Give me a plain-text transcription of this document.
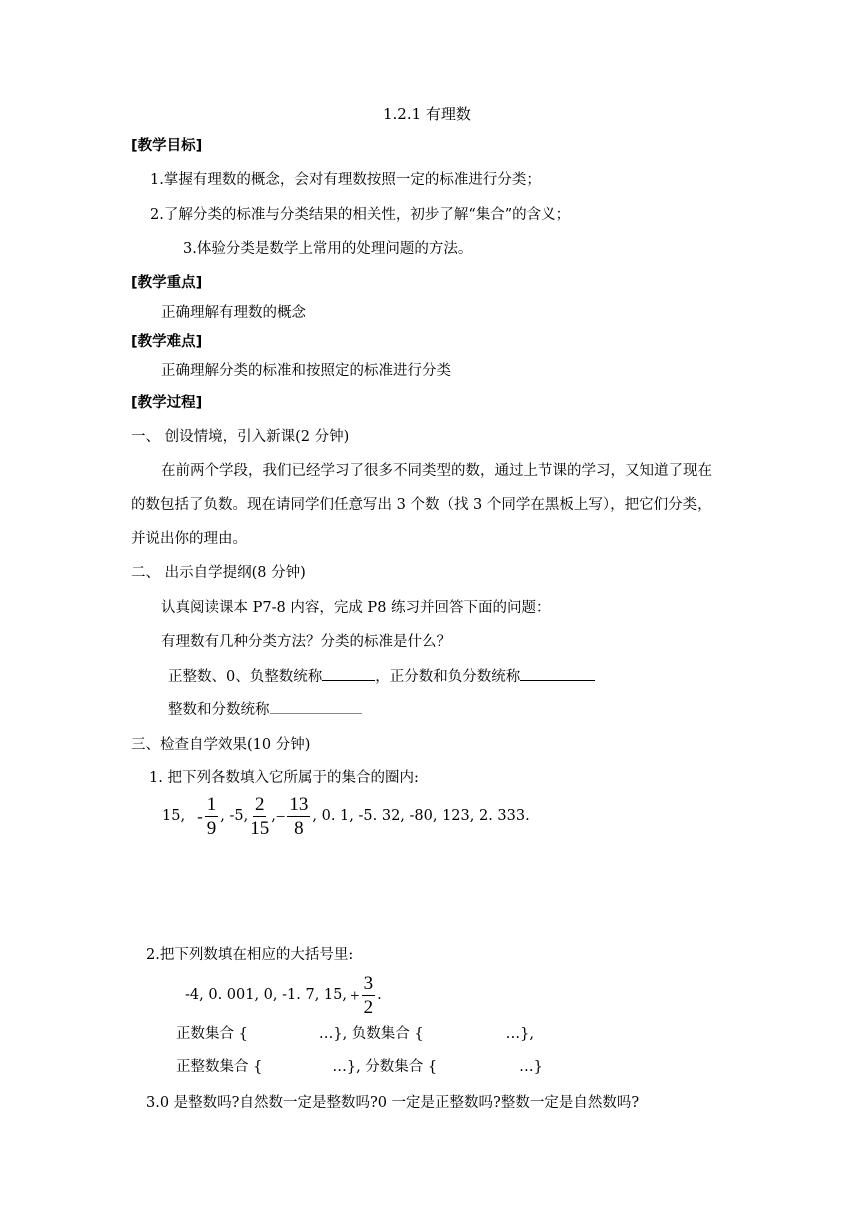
1.2.1 有理数
[教学目标]
1.掌握有理数的概念，会对有理数按照一定的标准进行分类；
2.了解分类的标准与分类结果的相关性，初步了解“集合”的含义；
3.体验分类是数学上常用的处理问题的方法。
[教学重点]
正确理解有理数的概念
[教学难点]
正确理解分类的标准和按照定的标准进行分类
[教学过程]
一、 创设情境，引入新课(2 分钟)
在前两个学段，我们已经学习了很多不同类型的数，通过上节课的学习，又知道了现在
的数包括了负数。现在请同学们任意写出 3 个数（找 3 个同学在黑板上写），把它们分类，
并说出你的理由。
二、 出示自学提纲(8 分钟)
认真阅读课本 P7-8 内容，完成 P8 练习并回答下面的问题：
有理数有几种分类方法？分类的标准是什么？
正整数、0、负整数统称	，正分数和负分数统称
整数和分数统称
三、检查自学效果(10 分钟)
1. 把下列各数填入它所属于的集合的圈内:
15, - $\frac{1}{9}$ , -5, $\frac{2}{15}$ , − $\frac{13}{8}$ , 0. 1, -5. 32, -80, 123, 2. 333.
2.把下列数填在相应的大括号里:
-4, 0. 001, 0, -1. 7, 15, + $\frac{3}{2}$ .
正数集合 {	…}, 负数集合 {	…},
正整数集合 {	…}, 分数集合 {	…}
3.0 是整数吗?自然数一定是整数吗?0 一定是正整数吗?整数一定是自然数吗?
